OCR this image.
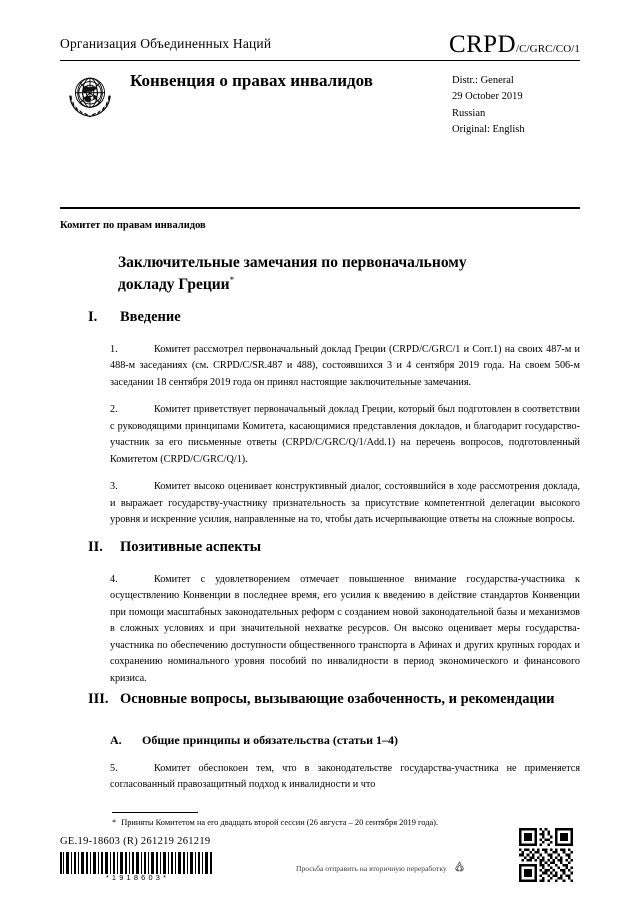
Организация Объединенных Наций	CRPD/C/GRC/CO/1
Конвенция о правах инвалидов	Distr.: General
29 October 2019
Russian
Original: English
Комитет по правам инвалидов
Заключительные замечания по первоначальному докладу Греции*
I.	Введение
1.	Комитет рассмотрел первоначальный доклад Греции (CRPD/C/GRC/1 и Corr.1) на своих 487-м и 488-м заседаниях (см. CRPD/C/SR.487 и 488), состоявшихся 3 и 4 сентября 2019 года. На своем 506-м заседании 18 сентября 2019 года он принял настоящие заключительные замечания.
2.	Комитет приветствует первоначальный доклад Греции, который был подготовлен в соответствии с руководящими принципами Комитета, касающимися представления докладов, и благодарит государство-участник за его письменные ответы (CRPD/C/GRC/Q/1/Add.1) на перечень вопросов, подготовленный Комитетом (CRPD/C/GRC/Q/1).
3.	Комитет высоко оценивает конструктивный диалог, состоявшийся в ходе рассмотрения доклада, и выражает государству-участнику признательность за присутствие компетентной делегации высокого уровня и искренние усилия, направленные на то, чтобы дать исчерпывающие ответы на сложные вопросы.
II.	Позитивные аспекты
4.	Комитет с удовлетворением отмечает повышенное внимание государства-участника к осуществлению Конвенции в последнее время, его усилия к введению в действие стандартов Конвенции при помощи масштабных законодательных реформ с созданием новой законодательной базы и механизмов в сложных условиях и при значительной нехватке ресурсов. Он высоко оценивает меры государства-участника по обеспечению доступности общественного транспорта в Афинах и других крупных городах и сохранению номинального уровня пособий по инвалидности в период экономического и финансового кризиса.
III. Основные вопросы, вызывающие озабоченность, и рекомендации
A.	Общие принципы и обязательства (статьи 1–4)
5.	Комитет обеспокоен тем, что в законодательстве государства-участника не применяется согласованный правозащитный подход к инвалидности и что
* Приняты Комитетом на его двадцать второй сессии (26 августа – 20 сентября 2019 года).
GE.19-18603 (R) 261219 261219
*1918603*
Просьба отправить на вторичную переработку
